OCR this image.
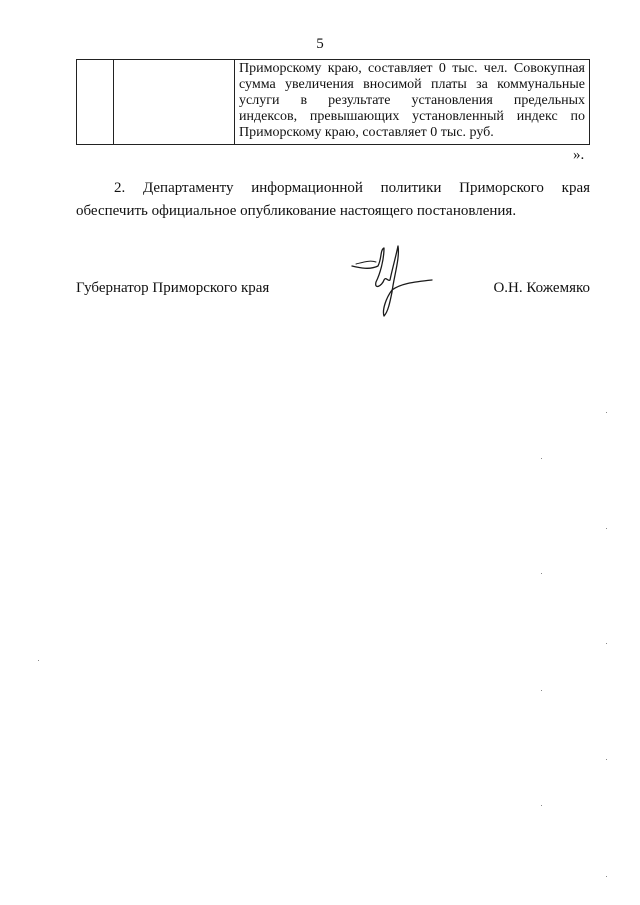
5

Приморскому краю, составляет 0 тыс. чел. Совокупная
сумма увеличения вносимой платы за коммунальные
услуги в результате установления предельных
индексов, превышающих установленный индекс по
Приморскому краю, составляет 0 тыс. руб.
».
2. Департаменту информационной политики Приморского края
обеспечить официальное опубликование настоящего постановления.
Губернатор Приморского края	О.Н. Кожемяко
